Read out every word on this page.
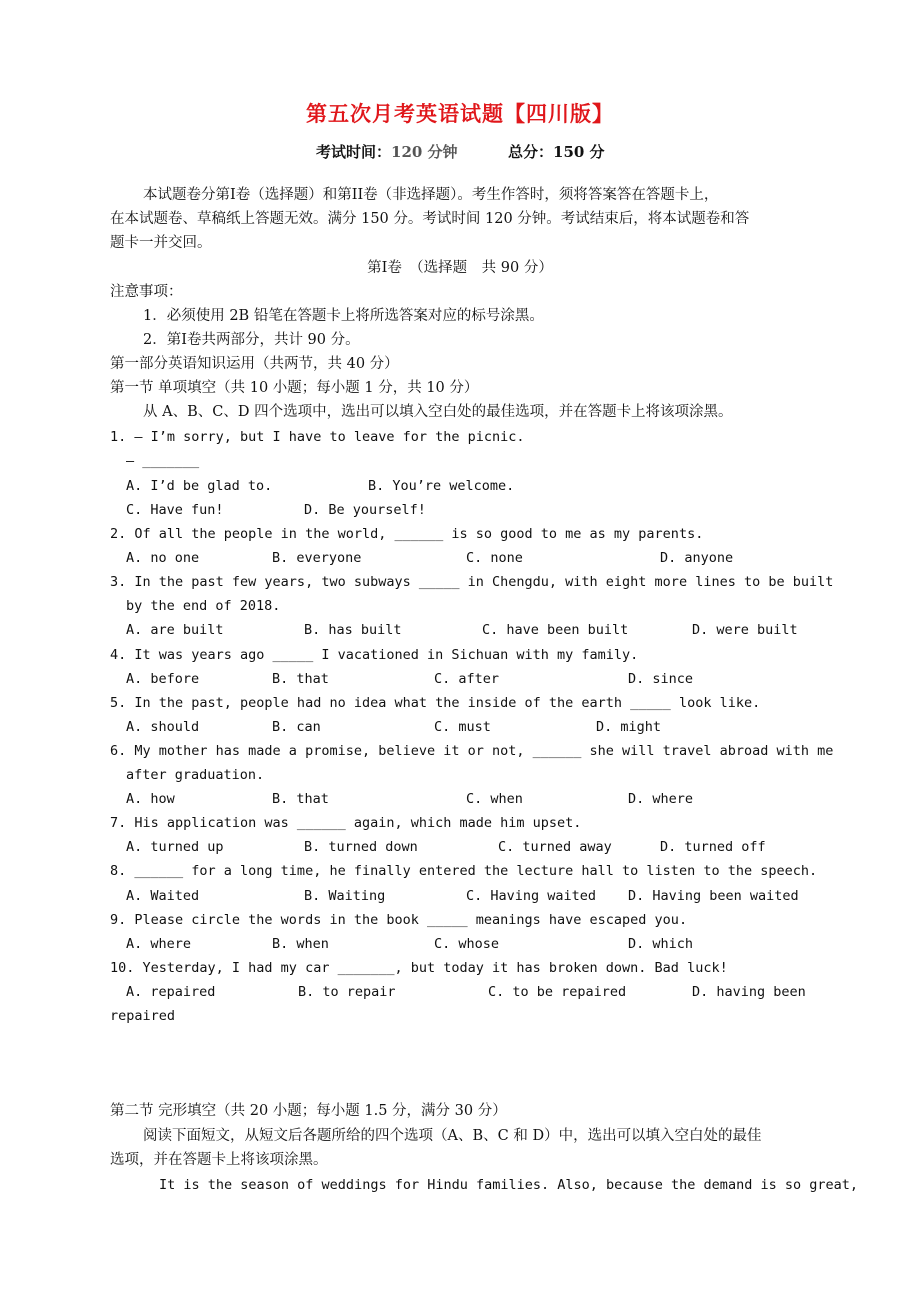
第五次月考英语试题【四川版】
考试时间：120 分钟	总分：150 分
本试题卷分第Ⅰ卷（选择题）和第II卷（非选择题）。考生作答时，须将答案答在答题卡上，
在本试题卷、草稿纸上答题无效。满分 150 分。考试时间 120 分钟。考试结束后，将本试题卷和答
题卡一并交回。
第Ⅰ卷　（选择题　共 90 分）
注意事项：
1．必须使用 2B 铅笔在答题卡上将所选答案对应的标号涂黑。
2．第Ⅰ卷共两部分，共计 90 分。
第一部分英语知识运用（共两节，共 40 分）
第一节 单项填空（共 10 小题；每小题 1 分，共 10 分）
从 A、B、C、D 四个选项中，选出可以填入空白处的最佳选项，并在答题卡上将该项涂黑。
1. — I’m sorry, but I have to leave for the picnic.
— _______
A. I’d be glad to.	B. You’re welcome.
C. Have fun!	D. Be yourself!
2. Of all the people in the world, ______ is so good to me as my parents.
A. no one	B. everyone	C. none	D. anyone
3. In the past few years, two subways _____ in Chengdu, with eight more lines to be built
by the end of 2018.
A. are built	B. has built	C. have been built	D. were built
4. It was years ago _____ I vacationed in Sichuan with my family.
A. before	B. that	C. after	D. since
5. In the past, people had no idea what the inside of the earth _____ look like.
A. should	B. can	C. must	D. might
6. My mother has made a promise, believe it or not, ______ she will travel abroad with me
after graduation.
A. how	B. that	C. when	D. where
7. His application was ______ again, which made him upset.
A. turned up	B. turned down	C. turned away	D. turned off
8. ______ for a long time, he finally entered the lecture hall to listen to the speech.
A. Waited	B. Waiting	C. Having waited D. Having been waited
9. Please circle the words in the book _____ meanings have escaped you.
A. where	B. when	C. whose	D. which
10. Yesterday, I had my car _______, but today it has broken down. Bad luck!
A. repaired	B. to repair	C. to be repaired	D. having been
repaired
第二节 完形填空（共 20 小题；每小题 1.5 分，满分 30 分）
阅读下面短文，从短文后各题所给的四个选项（A、B、C 和 D）中，选出可以填入空白处的最佳
选项，并在答题卡上将该项涂黑。
It is the season of weddings for Hindu families. Also, because the demand is so great,
